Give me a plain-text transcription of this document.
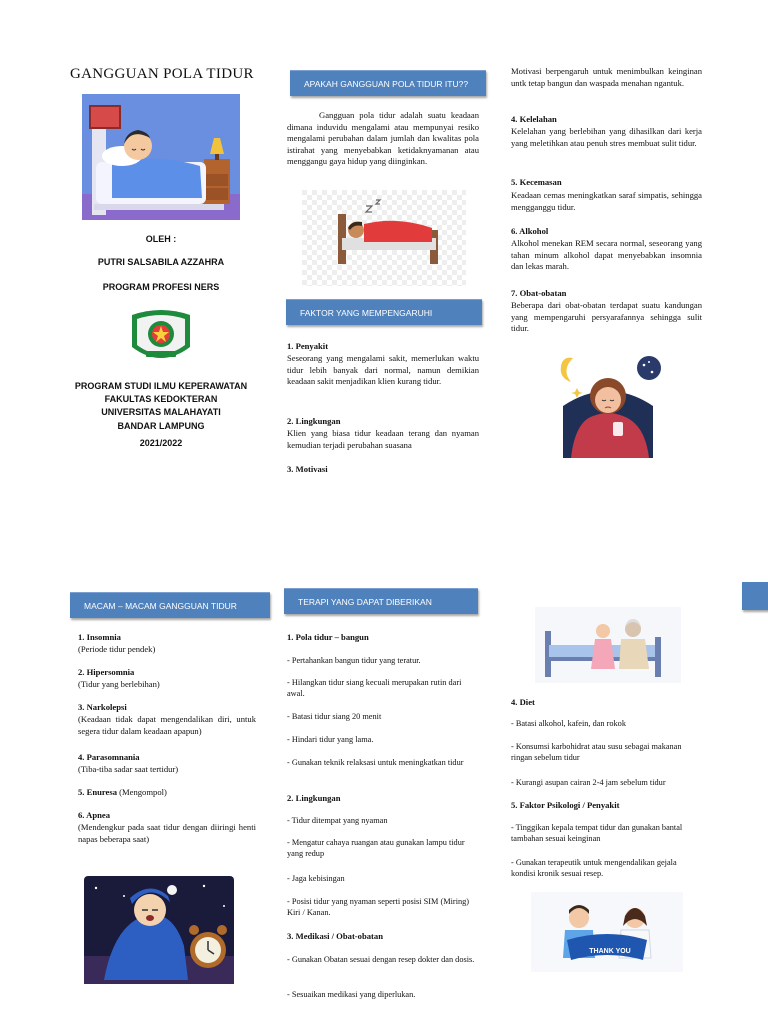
GANGGUAN POLA TIDUR
OLEH :
PUTRI SALSABILA AZZAHRA
PROGRAM PROFESI NERS
PROGRAM STUDI ILMU KEPERAWATAN
FAKULTAS KEDOKTERAN
UNIVERSITAS MALAHAYATI
BANDAR LAMPUNG
2021/2022
APAKAH GANGGUAN POLA TIDUR ITU??
Gangguan pola tidur adalah suatu keadaan dimana induvidu mengalami atau mempunyai resiko mengalami perubahan dalam jumlah dan kwalitas pola istirahat yang menyebabkan ketidaknyamanan atau menggangu gaya hidup yang diinginkan.
FAKTOR YANG MEMPENGARUHI
1. Penyakit
Seseorang yang mengalami sakit, memerlukan waktu tidur lebih banyak dari normal, namun demikian keadaan sakit menjadikan klien kurang tidur.
2. Lingkungan
Klien yang biasa tidur keadaan terang dan nyaman kemudian terjadi perubahan suasana
3. Motivasi
Motivasi berpengaruh untuk menimbulkan keinginan untk tetap bangun dan waspada menahan ngantuk.
4. Kelelahan
Kelelahan yang berlebihan yang dihasilkan dari kerja yang meletihkan atau penuh stres membuat sulit tidur.
5. Kecemasan
Keadaan cemas meningkatkan saraf simpatis, sehingga mengganggu tidur.
6. Alkohol
Alkohol menekan REM secara normal, seseorang yang tahan minum alkohol dapat menyebabkan insomnia dan lekas marah.
7. Obat-obatan
Beberapa dari obat-obatan terdapat suatu kandungan yang mempengaruhi persyarafannya sehingga sulit tidur.
MACAM – MACAM GANGGUAN TIDUR
1. Insomnia
(Periode tidur pendek)
2. Hipersomnia
(Tidur yang berlebihan)
3. Narkolepsi
(Keadaan tidak dapat mengendalikan diri, untuk segera tidur dalam keadaan apapun)
4. Parasomnania
(Tiba-tiba sadar saat tertidur)
5. Enuresa (Mengompol)
6. Apnea
(Mendengkur pada saat tidur dengan diiringi henti napas beberapa saat)
TERAPI YANG DAPAT DIBERIKAN
1. Pola tidur – bangun
- Pertahankan bangun tidur yang teratur.
- Hilangkan tidur siang kecuali merupakan rutin dari awal.
- Batasi tidur siang 20 menit
- Hindari tidur yang lama.
- Gunakan teknik relaksasi untuk meningkatkan tidur
2. Lingkungan
- Tidur ditempat yang nyaman
- Mengatur cahaya ruangan atau gunakan lampu tidur yang redup
- Jaga kebisingan
- Posisi tidur yang nyaman seperti posisi SIM (Miring) Kiri / Kanan.
3. Medikasi / Obat-obatan
- Gunakan Obatan sesuai dengan resep dokter dan dosis.
- Sesuaikan medikasi yang diperlukan.
4. Diet
- Batasi alkohol, kafein, dan rokok
- Konsumsi karbohidrat atau susu sebagai makanan ringan sebelum tidur
- Kurangi asupan cairan 2-4 jam sebelum tidur
5. Faktor Psikologi / Penyakit
- Tinggikan kepala tempat tidur dan gunakan bantal tambahan sesuai keinginan
- Gunakan terapeutik untuk mengendalikan gejala kondisi kronik sesuai resep.
THANK YOU
